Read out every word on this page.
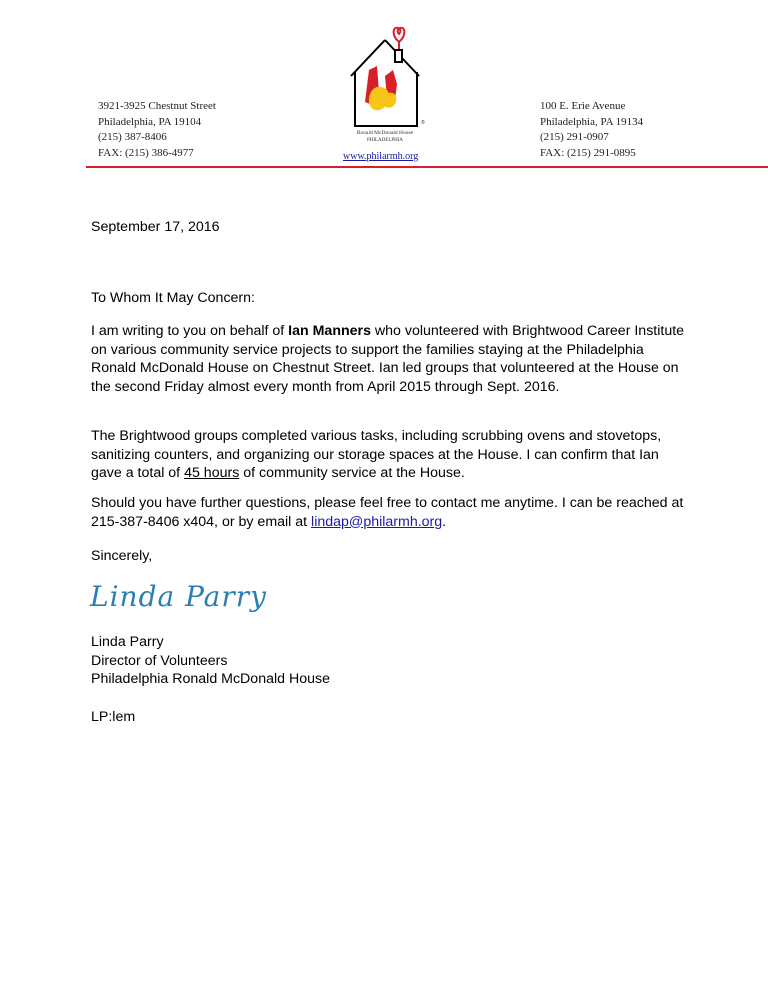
3921-3925 Chestnut Street
Philadelphia, PA 19104
(215) 387-8406
FAX: (215) 386-4977
Ronald McDonald House
PHILADELPHIA
®
100 E. Erie Avenue
Philadelphia, PA 19134
(215) 291-0907
FAX: (215) 291-0895
www.philarmh.org
September 17, 2016
To Whom It May Concern:

I am writing to you on behalf of Ian Manners who volunteered with Brightwood Career Institute on various community service projects to support the families staying at the Philadelphia Ronald McDonald House on Chestnut Street. Ian led groups that volunteered at the House on the second Friday almost every month from April 2015 through Sept. 2016.

The Brightwood groups completed various tasks, including scrubbing ovens and stovetops, sanitizing counters, and organizing our storage spaces at the House. I can confirm that Ian gave a total of 45 hours of community service at the House.

Should you have further questions, please feel free to contact me anytime. I can be reached at 215-387-8406 x404, or by email at lindap@philarmh.org.

Sincerely,
Linda Parry
Linda Parry
Director of Volunteers
Philadelphia Ronald McDonald House
LP:lem
